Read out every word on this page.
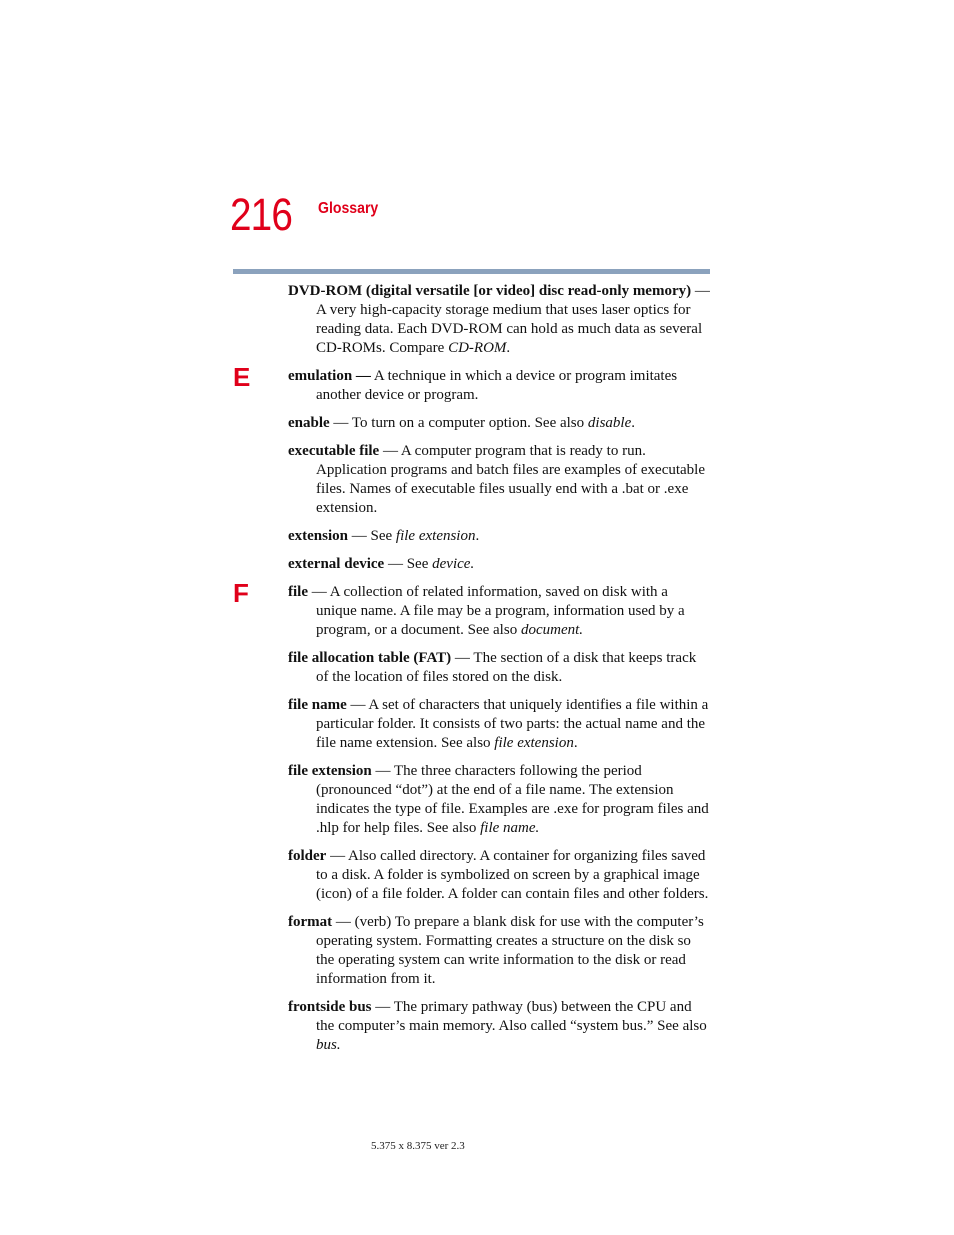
216 Glossary
DVD-ROM (digital versatile [or video] disc read-only memory) — A very high-capacity storage medium that uses laser optics for reading data. Each DVD-ROM can hold as much data as several CD-ROMs. Compare CD-ROM.
E	emulation — A technique in which a device or program imitates another device or program.
enable — To turn on a computer option. See also disable.
executable file — A computer program that is ready to run. Application programs and batch files are examples of executable files. Names of executable files usually end with a .bat or .exe extension.
extension — See file extension.
external device — See device.
F	file — A collection of related information, saved on disk with a unique name. A file may be a program, information used by a program, or a document. See also document.
file allocation table (FAT) — The section of a disk that keeps track of the location of files stored on the disk.
file name — A set of characters that uniquely identifies a file within a particular folder. It consists of two parts: the actual name and the file name extension. See also file extension.
file extension — The three characters following the period (pronounced “dot”) at the end of a file name. The extension indicates the type of file. Examples are .exe for program files and .hlp for help files. See also file name.
folder — Also called directory. A container for organizing files saved to a disk. A folder is symbolized on screen by a graphical image (icon) of a file folder. A folder can contain files and other folders.
format — (verb) To prepare a blank disk for use with the computer’s operating system. Formatting creates a structure on the disk so the operating system can write information to the disk or read information from it.
frontside bus — The primary pathway (bus) between the CPU and the computer’s main memory. Also called “system bus.” See also bus.
5.375 x 8.375 ver 2.3
